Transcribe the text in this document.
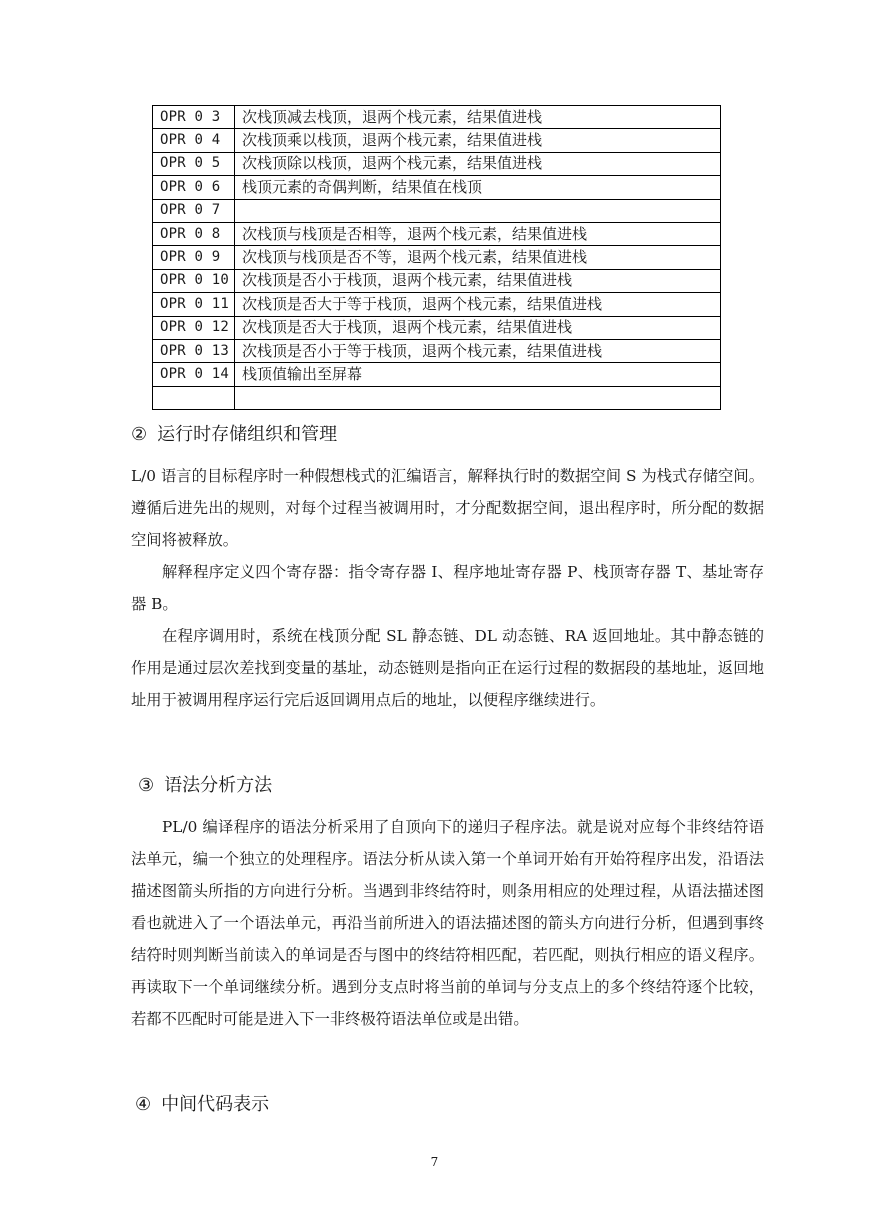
OPR 0 3	次栈顶减去栈顶，退两个栈元素，结果值进栈
OPR 0 4	次栈顶乘以栈顶，退两个栈元素，结果值进栈
OPR 0 5	次栈顶除以栈顶，退两个栈元素，结果值进栈
OPR 0 6	栈顶元素的奇偶判断，结果值在栈顶
OPR 0 7	
OPR 0 8	次栈顶与栈顶是否相等，退两个栈元素，结果值进栈
OPR 0 9	次栈顶与栈顶是否不等，退两个栈元素，结果值进栈
OPR 0 10	次栈顶是否小于栈顶，退两个栈元素，结果值进栈
OPR 0 11	次栈顶是否大于等于栈顶，退两个栈元素，结果值进栈
OPR 0 12	次栈顶是否大于栈顶，退两个栈元素，结果值进栈
OPR 0 13	次栈顶是否小于等于栈顶，退两个栈元素，结果值进栈
OPR 0 14	栈顶值输出至屏幕

② 运行时存储组织和管理

L/0 语言的目标程序时一种假想栈式的汇编语言，解释执行时的数据空间 S 为栈式存储空间。遵循后进先出的规则，对每个过程当被调用时，才分配数据空间，退出程序时，所分配的数据空间将被释放。

解释程序定义四个寄存器：指令寄存器 I、程序地址寄存器 P、栈顶寄存器 T、基址寄存器 B。

在程序调用时，系统在栈顶分配 SL 静态链、DL 动态链、RA 返回地址。其中静态链的作用是通过层次差找到变量的基址，动态链则是指向正在运行过程的数据段的基地址，返回地址用于被调用程序运行完后返回调用点后的地址，以便程序继续进行。

③ 语法分析方法

PL/0 编译程序的语法分析采用了自顶向下的递归子程序法。就是说对应每个非终结符语法单元，编一个独立的处理程序。语法分析从读入第一个单词开始有开始符程序出发，沿语法描述图箭头所指的方向进行分析。当遇到非终结符时，则条用相应的处理过程，从语法描述图看也就进入了一个语法单元，再沿当前所进入的语法描述图的箭头方向进行分析，但遇到事终结符时则判断当前读入的单词是否与图中的终结符相匹配，若匹配，则执行相应的语义程序。再读取下一个单词继续分析。遇到分支点时将当前的单词与分支点上的多个终结符逐个比较，若都不匹配时可能是进入下一非终极符语法单位或是出错。

④ 中间代码表示
7
